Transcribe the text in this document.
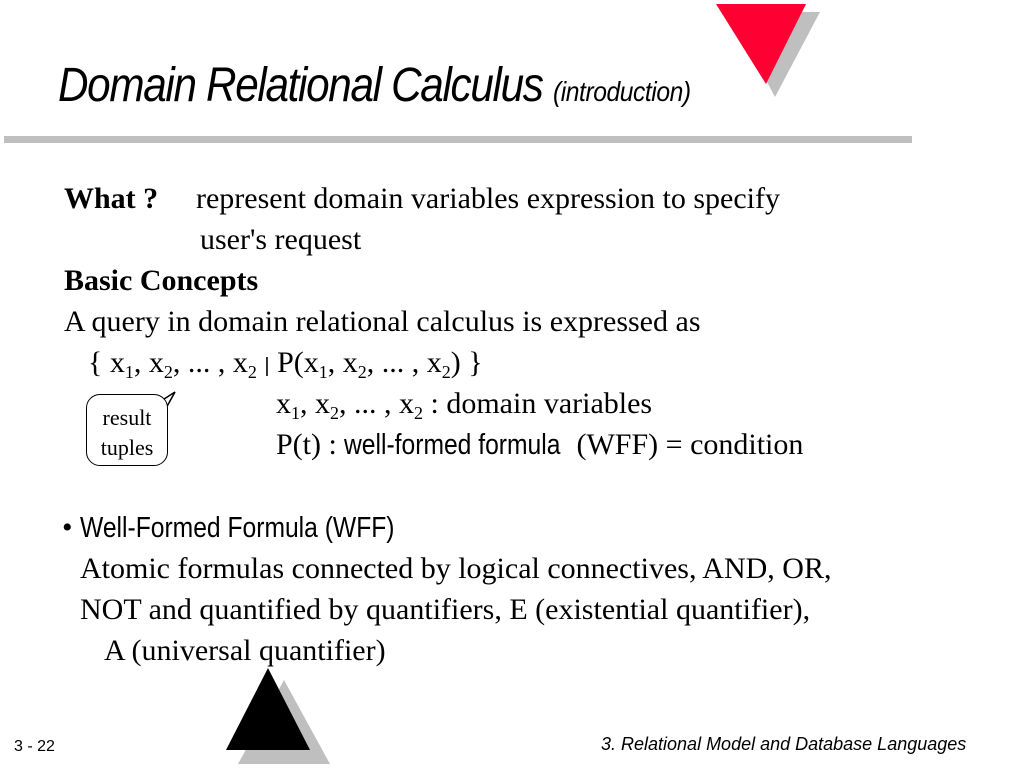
Domain Relational Calculus (introduction)
What ? represent domain variables expression to specify
user's request
Basic Concepts
A query in domain relational calculus is expressed as
{ $x_1$, $x_2$, ... , $x_2$ | $P(x_1$, $x_2$, ... , $x_2$) }
$x_1$, $x_2$, ... , $x_2$ : domain variables
P(t) : well-formed formula (WFF) = condition
result
tuples
• Well-Formed Formula (WFF)
Atomic formulas connected by logical connectives, AND, OR,
NOT and quantified by quantifiers, E (existential quantifier),
A (universal quantifier)
3 - 22	3. Relational Model and Database Languages
